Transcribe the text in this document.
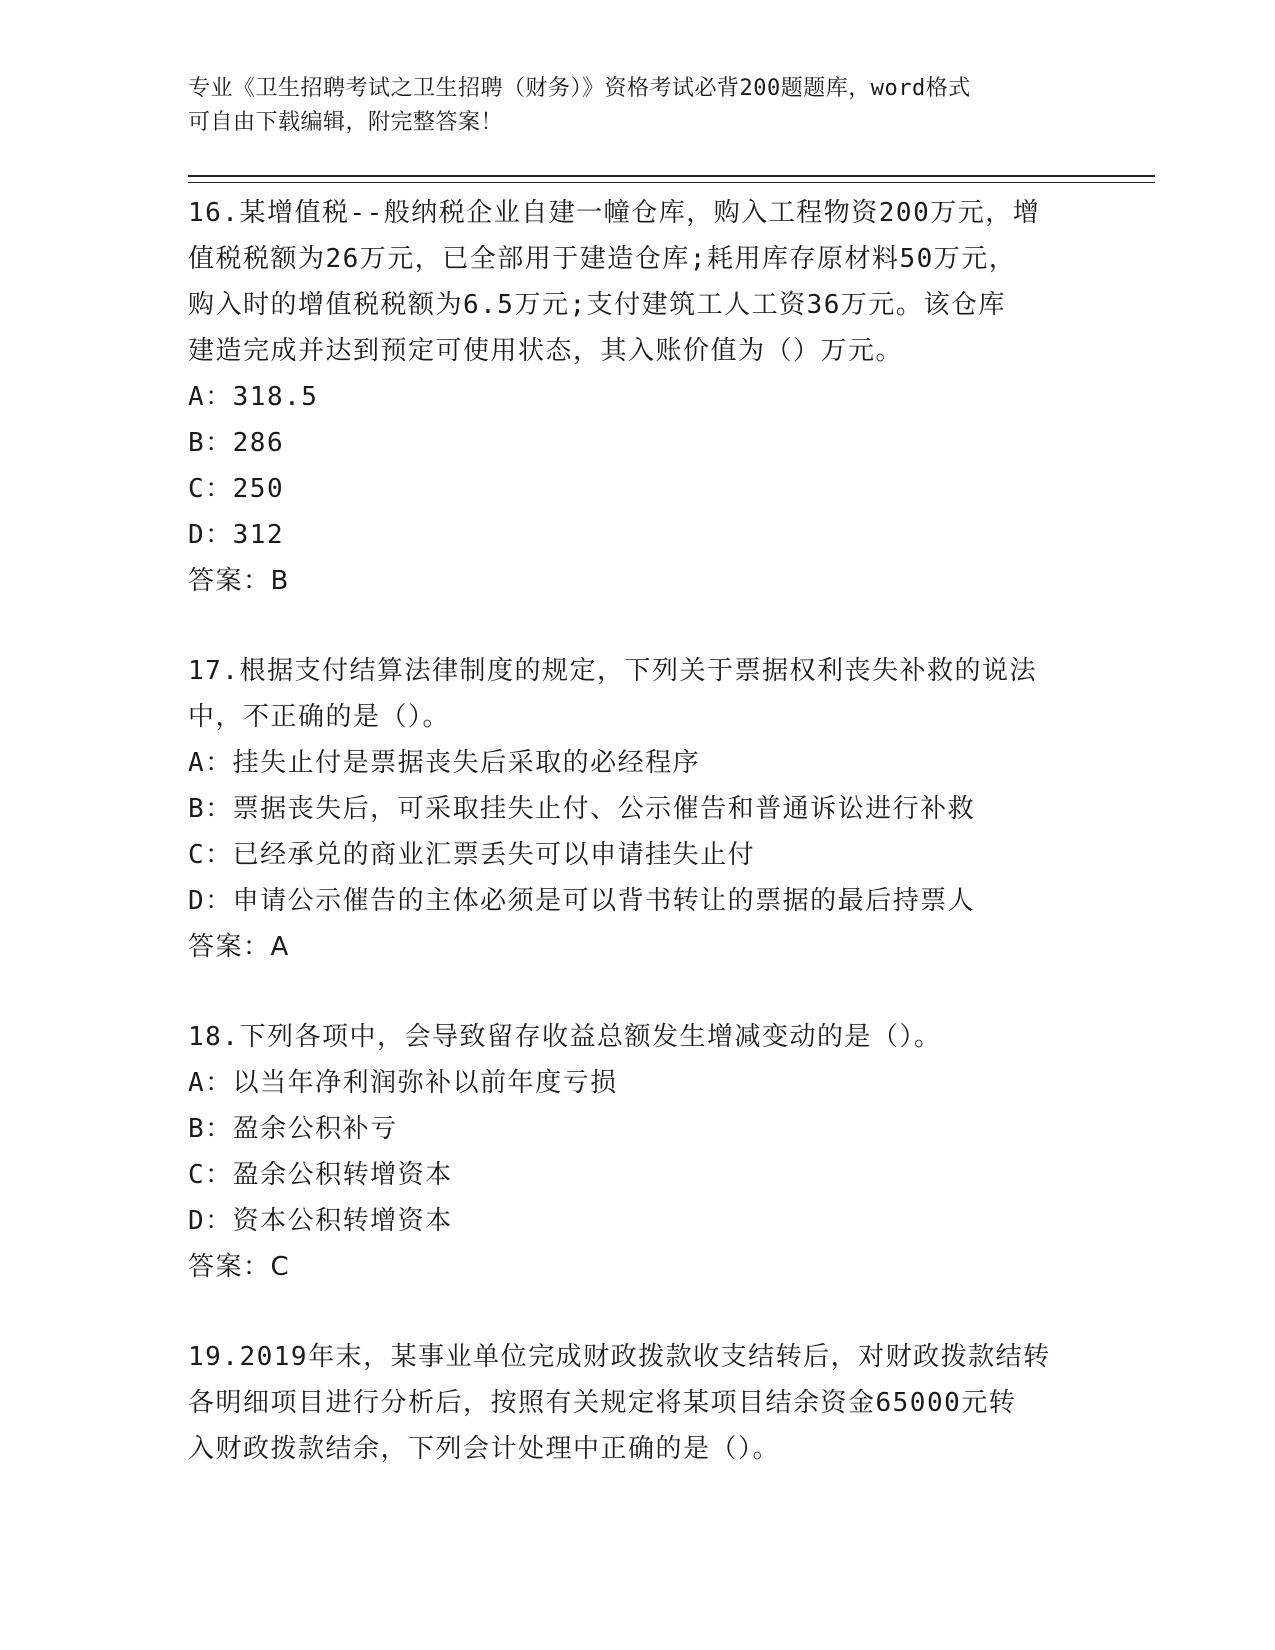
专业《卫生招聘考试之卫生招聘（财务）》资格考试必背200题题库，word格式
可自由下载编辑，附完整答案！
16.某增值税--般纳税企业自建一幢仓库，购入工程物资200万元，增
值税税额为26万元，已全部用于建造仓库;耗用库存原材料50万元，
购入时的增值税税额为6.5万元;支付建筑工人工资36万元。该仓库
建造完成并达到预定可使用状态，其入账价值为（）万元。
A：318.5
B：286
C：250
D：312
答案：B
17.根据支付结算法律制度的规定，下列关于票据权利丧失补救的说法
中，不正确的是（）。
A：挂失止付是票据丧失后采取的必经程序
B：票据丧失后，可采取挂失止付、公示催告和普通诉讼进行补救
C：已经承兑的商业汇票丢失可以申请挂失止付
D：申请公示催告的主体必须是可以背书转让的票据的最后持票人
答案：A
18.下列各项中，会导致留存收益总额发生增减变动的是（）。
A：以当年净利润弥补以前年度亏损
B：盈余公积补亏
C：盈余公积转增资本
D：资本公积转增资本
答案：C
19.2019年末，某事业单位完成财政拨款收支结转后，对财政拨款结转
各明细项目进行分析后，按照有关规定将某项目结余资金65000元转
入财政拨款结余，下列会计处理中正确的是（）。
